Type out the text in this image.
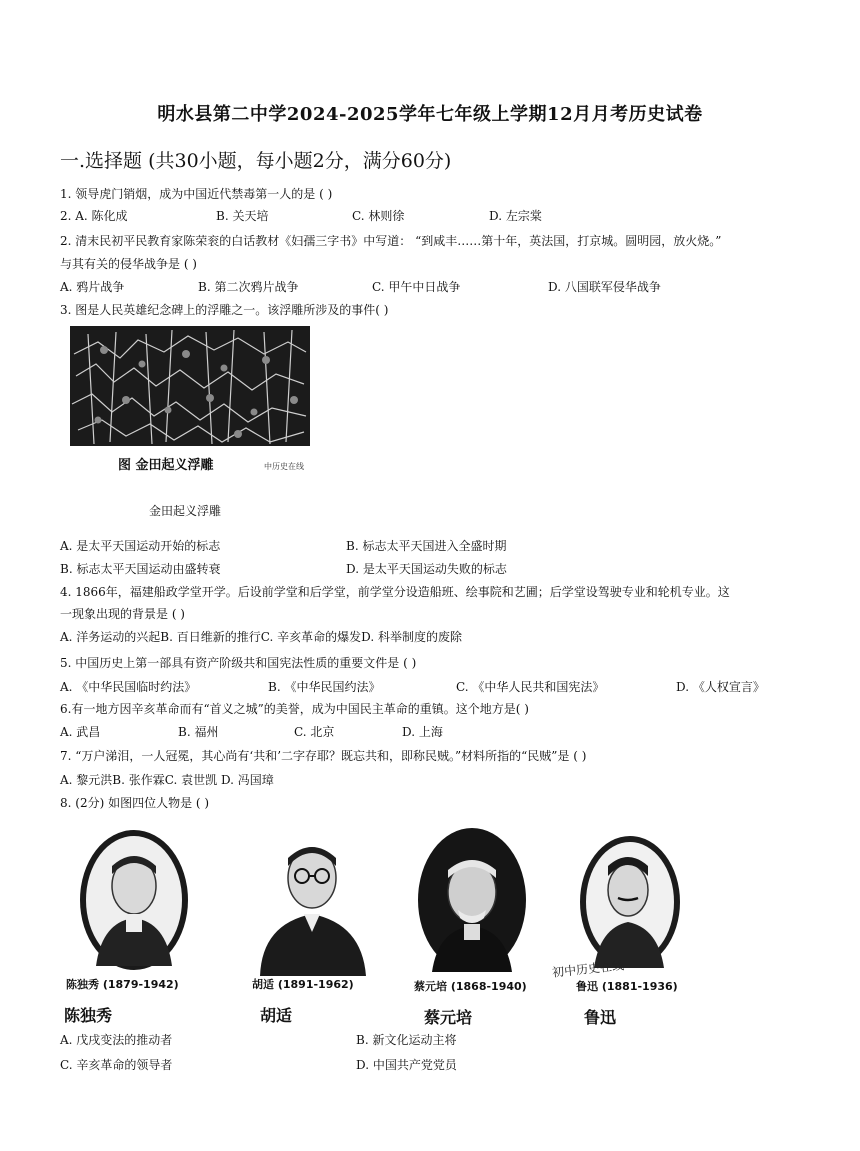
明水县第二中学2024-2025学年七年级上学期12月月考历史试卷
一.选择题 (共30小题，每小题2分，满分60分)
1. 领导虎门销烟，成为中国近代禁毒第一人的是 ( )
2. A. 陈化成	B. 关天培	C. 林则徐	D. 左宗棠
2. 清末民初平民教育家陈荣衮的白话教材《妇孺三字书》中写道： “到咸丰……第十年，英法国，打京城。圆明园，放火烧。”
与其有关的侵华战争是 ( )
A. 鸦片战争	B. 第二次鸦片战争	C. 甲午中日战争	D. 八国联军侵华战争
3. 图是人民英雄纪念碑上的浮雕之一。该浮雕所涉及的事件( )
图 金田起义浮雕	中历史在线
金田起义浮雕
A. 是太平天国运动开始的标志	B. 标志太平天国进入全盛时期
B. 标志太平天国运动由盛转衰	D. 是太平天国运动失败的标志
4. 1866年，福建船政学堂开学。后设前学堂和后学堂，前学堂分设造船班、绘事院和艺圃；后学堂设驾驶专业和轮机专业。这
一现象出现的背景是 ( )
A. 洋务运动的兴起B. 百日维新的推行C. 辛亥革命的爆发D. 科举制度的废除
5. 中国历史上第一部具有资产阶级共和国宪法性质的重要文件是 ( )
A. 《中华民国临时约法》	B. 《中华民国约法》	C. 《中华人民共和国宪法》	D. 《人权宣言》
6.有一地方因辛亥革命而有“首义之城”的美誉，成为中国民主革命的重镇。这个地方是( )
A. 武昌	B. 福州	C. 北京	D. 上海
7. “万户涕泪，一人冠冕，其心尚有‘共和’二字存耶？既忘共和，即称民贼。”材料所指的“民贼”是 ( )
A. 黎元洪B. 张作霖C. 袁世凯 D. 冯国璋
8. (2分) 如图四位人物是 ( )
陈独秀 (1879-1942)
陈独秀
胡适 (1891-1962)
胡适
蔡元培 (1868-1940)
蔡元培
初中历史在线
鲁迅 (1881-1936)
鲁迅
A. 戊戌变法的推动者	B. 新文化运动主将
C. 辛亥革命的领导者	D. 中国共产党党员
